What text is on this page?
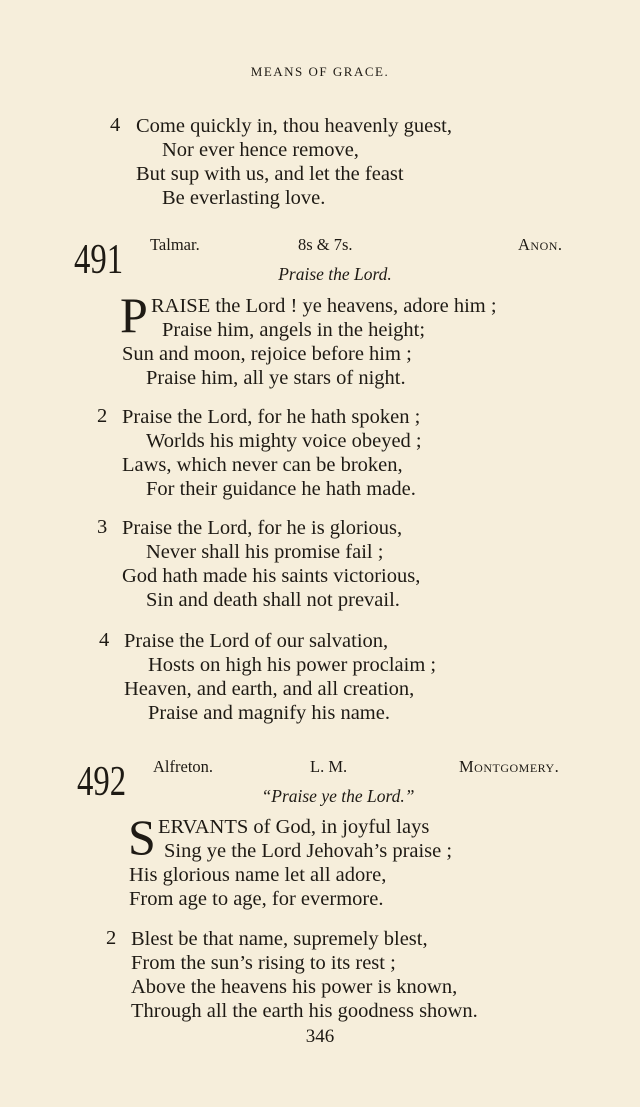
MEANS OF GRACE.
4 Come quickly in, thou heavenly guest,
Nor ever hence remove,
But sup with us, and let the feast
Be everlasting love.
491 Talmar.	8s & 7s.	Anon.
Praise the Lord.
P RAISE the Lord ! ye heavens, adore him ;
Praise him, angels in the height;
Sun and moon, rejoice before him ;
Praise him, all ye stars of night.
2 Praise the Lord, for he hath spoken ;
Worlds his mighty voice obeyed ;
Laws, which never can be broken,
For their guidance he hath made.
3 Praise the Lord, for he is glorious,
Never shall his promise fail ;
God hath made his saints victorious,
Sin and death shall not prevail.
4 Praise the Lord of our salvation,
Hosts on high his power proclaim ;
Heaven, and earth, and all creation,
Praise and magnify his name.
492 Alfreton.	L. M.	Montgomery.
“Praise ye the Lord.”
S ERVANTS of God, in joyful lays
Sing ye the Lord Jehovah’s praise ;
His glorious name let all adore,
From age to age, for evermore.
2 Blest be that name, supremely blest,
From the sun’s rising to its rest ;
Above the heavens his power is known,
Through all the earth his goodness shown.
346
